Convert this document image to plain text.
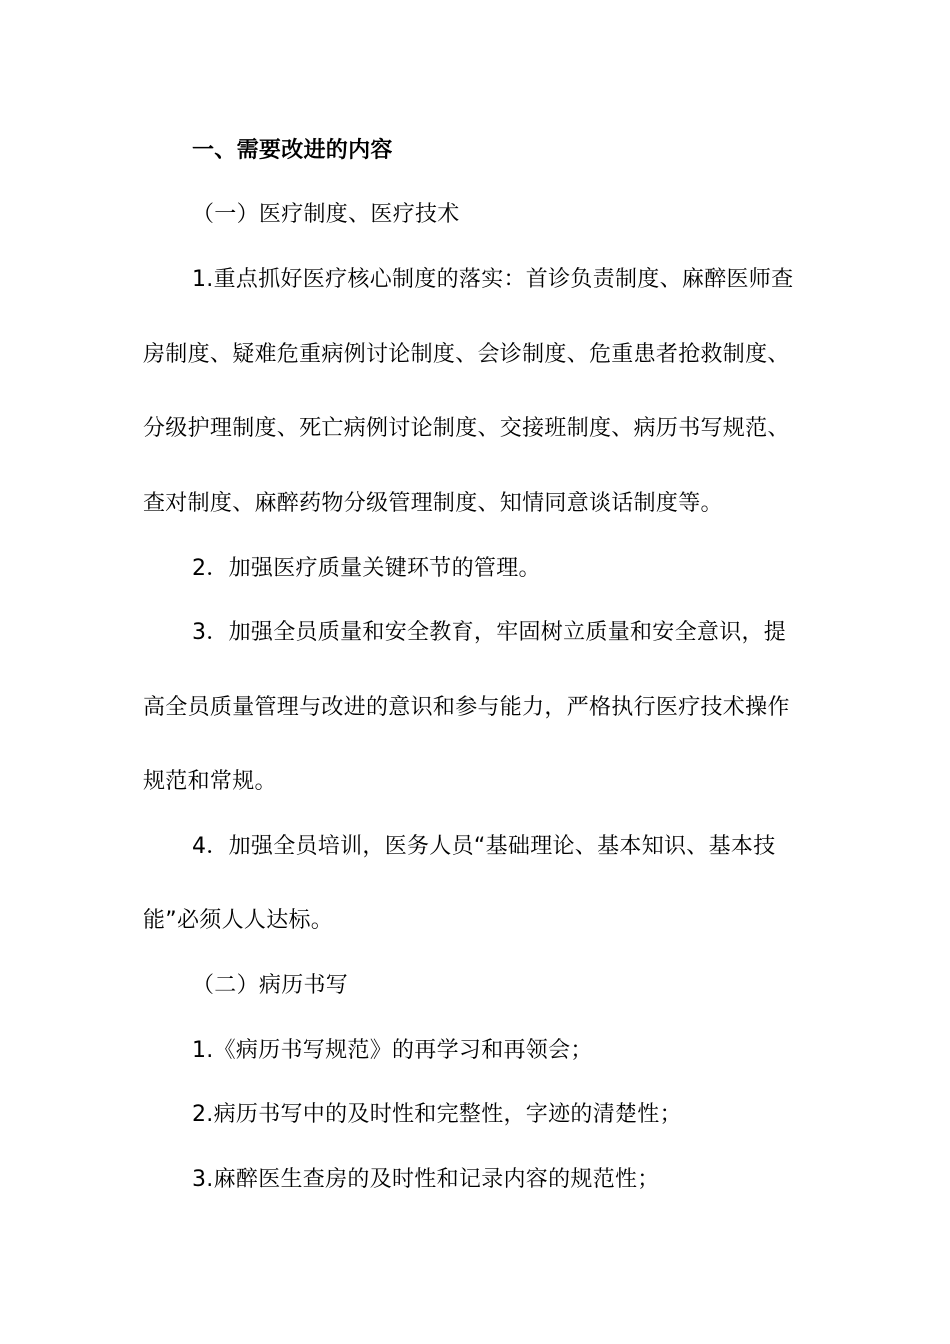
一、需要改进的内容
（一）医疗制度、医疗技术
1.重点抓好医疗核心制度的落实：首诊负责制度、麻醉医师查
房制度、疑难危重病例讨论制度、会诊制度、危重患者抢救制度、
分级护理制度、死亡病例讨论制度、交接班制度、病历书写规范、
查对制度、麻醉药物分级管理制度、知情同意谈话制度等。
2．加强医疗质量关键环节的管理。
3．加强全员质量和安全教育，牢固树立质量和安全意识，提
高全员质量管理与改进的意识和参与能力，严格执行医疗技术操作
规范和常规。
4．加强全员培训，医务人员“基础理论、基本知识、基本技
能”必须人人达标。
（二）病历书写
1.《病历书写规范》的再学习和再领会；
2.病历书写中的及时性和完整性，字迹的清楚性；
3.麻醉医生查房的及时性和记录内容的规范性；
